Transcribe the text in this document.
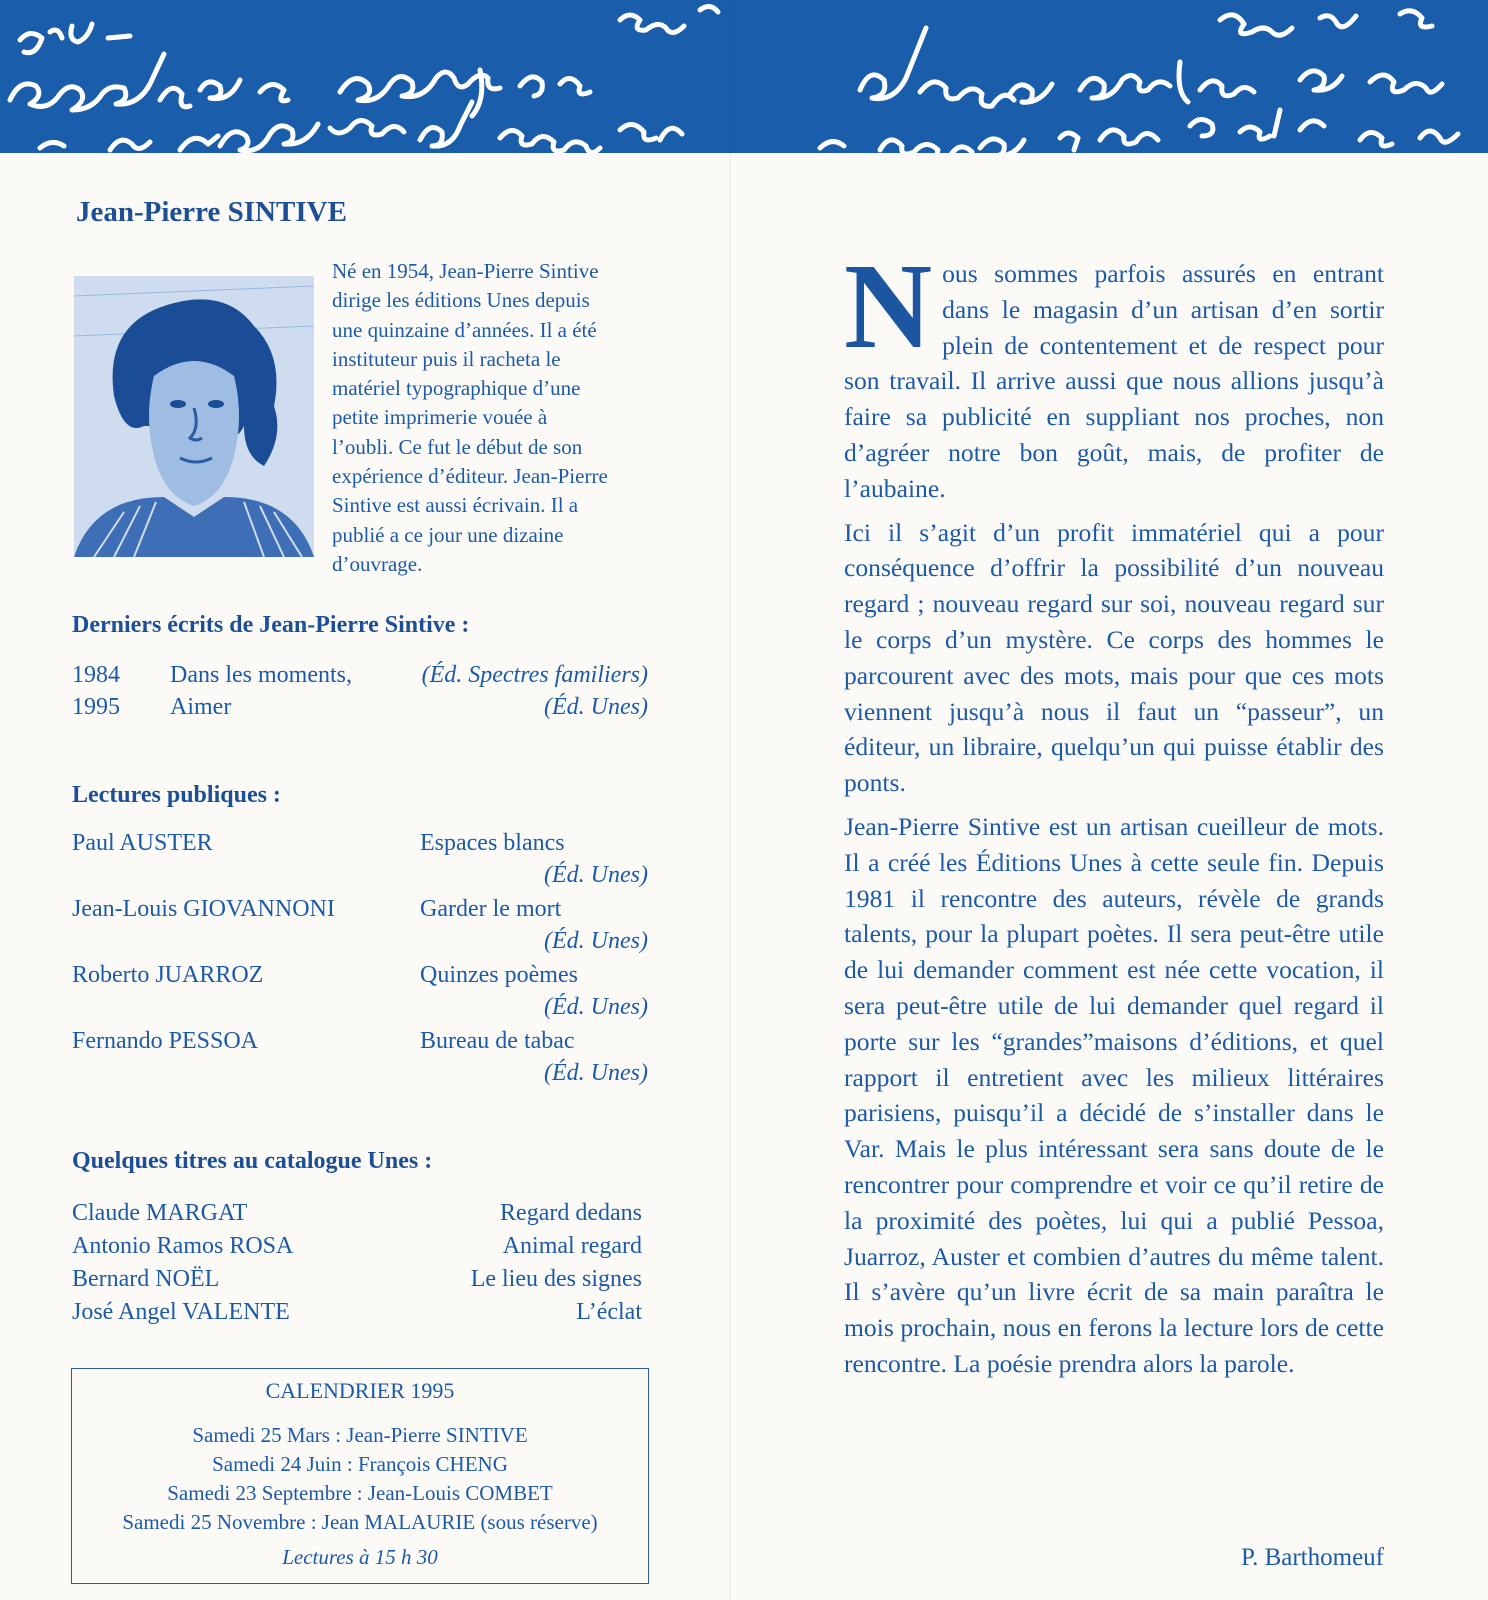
Jean-Pierre SINTIVE

Né en 1954, Jean-Pierre Sintive

dirige les éditions Unes depuis

une quinzaine d’années. Il a été

instituteur puis il racheta le

matériel typographique d’une

petite imprimerie vouée à

l’oubli. Ce fut le début de son

expérience d’éditeur. Jean-Pierre

Sintive est aussi écrivain. Il a

publié a ce jour une dizaine

d’ouvrage.

Derniers écrits de Jean-Pierre Sintive :
1984 Dans les moments,	(Éd. Spectres familiers)
1995 Aimer	(Éd. Unes)
Lectures publiques :
Paul AUSTER	Espaces blancs
(Éd. Unes)
Jean-Louis GIOVANNONI	Garder le mort
(Éd. Unes)
Roberto JUARROZ	Quinzes poèmes
(Éd. Unes)
Fernando PESSOA	Bureau de tabac
(Éd. Unes)
Quelques titres au catalogue Unes :
Claude MARGAT	Regard dedans
Antonio Ramos ROSA	Animal regard
Bernard NOËL	Le lieu des signes
José Angel VALENTE	L’éclat
CALENDRIER 1995
Samedi 25 Mars : Jean-Pierre SINTIVE
Samedi 24 Juin : François CHENG
Samedi 23 Septembre : Jean-Louis COMBET
Samedi 25 Novembre : Jean MALAURIE (sous réserve)
Lectures à 15 h 30

Nous sommes parfois assurés en entrant dans le magasin d’un artisan d’en sortir plein de contentement et de respect pour son travail. Il arrive aussi que nous allions jusqu’à faire sa publicité en suppliant nos proches, non d’agréer notre bon goût, mais, de profiter de l’aubaine.

Ici il s’agit d’un profit immatériel qui a pour conséquence d’offrir la possibilité d’un nouveau regard ; nouveau regard sur soi, nouveau regard sur le corps d’un mystère. Ce corps des hommes le parcourent avec des mots, mais pour que ces mots viennent jusqu’à nous il faut un “passeur”, un éditeur, un libraire, quelqu’un qui puisse établir des ponts.

Jean-Pierre Sintive est un artisan cueilleur de mots. Il a créé les Éditions Unes à cette seule fin. Depuis 1981 il rencontre des auteurs, révèle de grands talents, pour la plupart poètes. Il sera peut-être utile de lui demander comment est née cette vocation, il sera peut-être utile de lui demander quel regard il porte sur les “grandes”maisons d’éditions, et quel rapport il entretient avec les milieux littéraires parisiens, puisqu’il a décidé de s’installer dans le Var. Mais le plus intéressant sera sans doute de le rencontrer pour comprendre et voir ce qu’il retire de la proximité des poètes, lui qui a publié Pessoa, Juarroz, Auster et combien d’autres du même talent. Il s’avère qu’un livre écrit de sa main paraîtra le mois prochain, nous en ferons la lecture lors de cette rencontre. La poésie prendra alors la parole.

P. Barthomeuf
